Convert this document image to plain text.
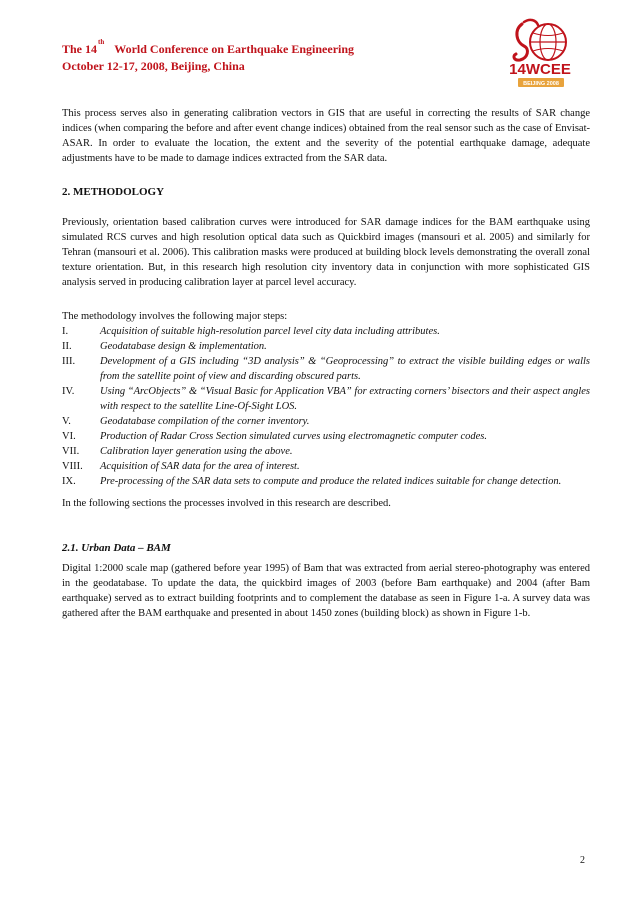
The 14th World Conference on Earthquake Engineering
October 12-17, 2008, Beijing, China	14WCEE
BEIJING 2008
This process serves also in generating calibration vectors in GIS that are useful in correcting the results of SAR change indices (when comparing the before and after event change indices) obtained from the real sensor such as the case of Envisat-ASAR. In order to evaluate the location, the extent and the severity of the potential earthquake damage, adequate adjustments have to be made to damage indices extracted from the SAR data.
2. METHODOLOGY
Previously, orientation based calibration curves were introduced for SAR damage indices for the BAM earthquake using simulated RCS curves and high resolution optical data such as Quickbird images (mansouri et al. 2005) and similarly for Tehran (mansouri et al. 2006). This calibration masks were produced at building block levels demonstrating the overall zonal texture orientation. But, in this research high resolution city inventory data in conjunction with more sophisticated GIS analysis served in producing calibration layer at parcel level accuracy.
The methodology involves the following major steps:
I.	Acquisition of suitable high-resolution parcel level city data including attributes.
II.	Geodatabase design & implementation.
III.	Development of a GIS including “3D analysis” & “Geoprocessing” to extract the visible building edges or walls from the satellite point of view and discarding obscured parts.
IV.	Using “ArcObjects” & “Visual Basic for Application VBA” for extracting corners’ bisectors and their aspect angles with respect to the satellite Line-Of-Sight LOS.
V.	Geodatabase compilation of the corner inventory.
VI.	Production of Radar Cross Section simulated curves using electromagnetic computer codes.
VII.	Calibration layer generation using the above.
VIII.	Acquisition of SAR data for the area of interest.
IX.	Pre-processing of the SAR data sets to compute and produce the related indices suitable for change detection.
In the following sections the processes involved in this research are described.
2.1. Urban Data – BAM
Digital 1:2000 scale map (gathered before year 1995) of Bam that was extracted from aerial stereo-photography was entered in the geodatabase. To update the data, the quickbird images of 2003 (before Bam earthquake) and 2004 (after Bam earthquake) served as to extract building footprints and to complement the database as seen in Figure 1-a. A survey data was gathered after the BAM earthquake and presented in about 1450 zones (building block) as shown in Figure 1-b.
2
